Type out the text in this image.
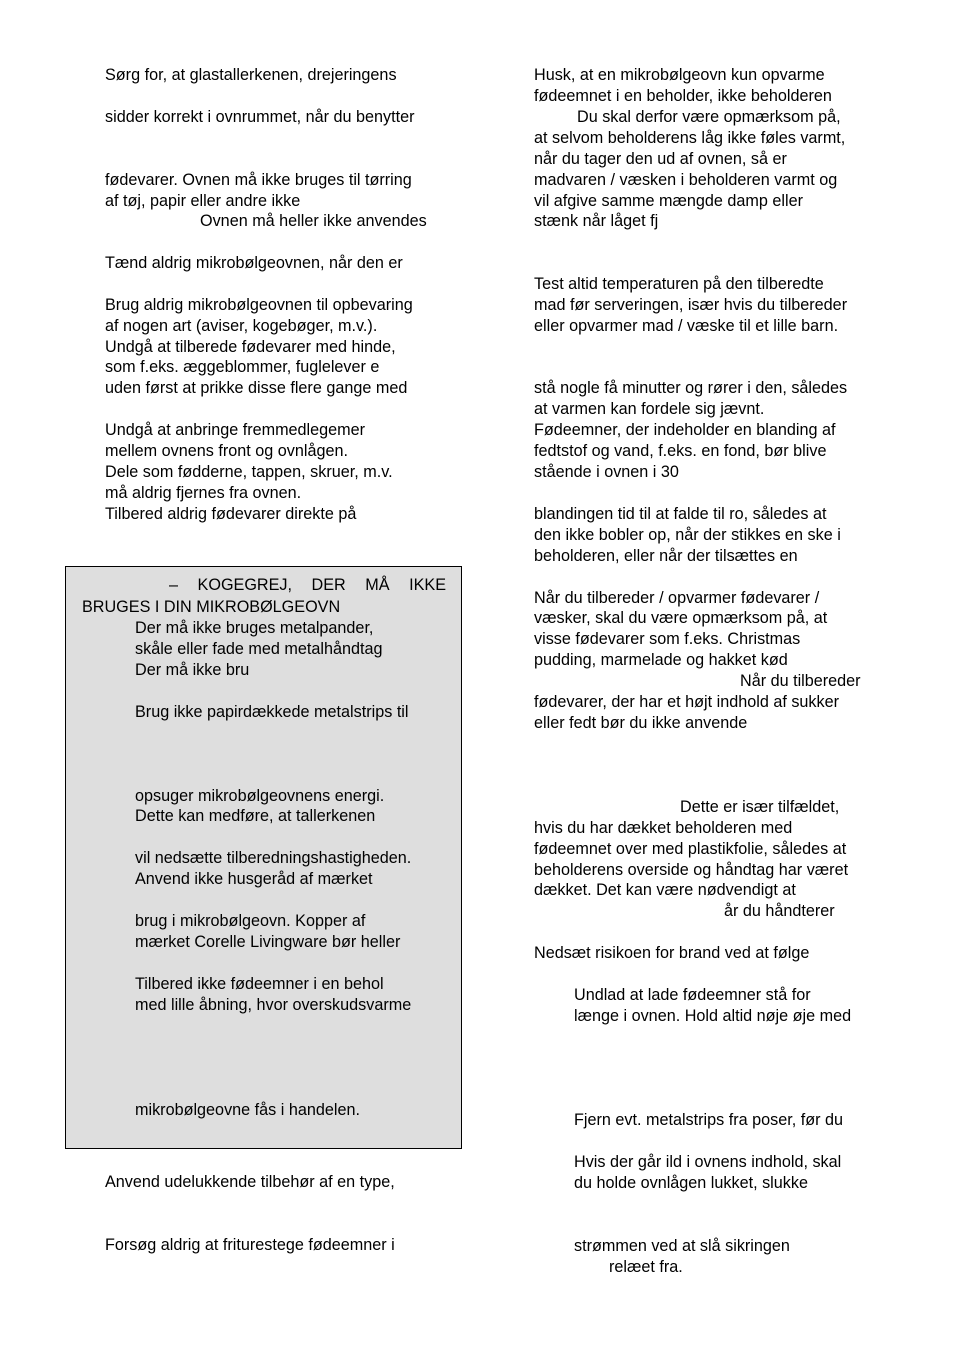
Sørg for, at glastallerkenen, drejeringens
sidder korrekt i ovnrummet, når du benytter
fødevarer. Ovnen må ikke bruges til tørring
af tøj, papir eller andre ikke
Ovnen må heller ikke anvendes
Tænd aldrig mikrobølgeovnen, når den er
Brug aldrig mikrobølgeovnen til opbevaring
af nogen art (aviser, kogebøger, m.v.).
Undgå at tilberede fødevarer med hinde,
som f.eks. æggeblommer, fuglelever e
uden først at prikke disse flere gange med
Undgå at anbringe fremmedlegemer
mellem ovnens front og ovnlågen.
Dele som fødderne, tappen, skruer, m.v.
må aldrig fjernes fra ovnen.
Tilbered aldrig fødevarer direkte på
Anvend udelukkende tilbehør af en type,
Forsøg aldrig at friturestege fødeemner i
– KOGEGREJ, DER MÅ IKKE
BRUGES I DIN MIKROBØLGEOVN
Der må ikke bruges metalpander,
skåle eller fade med metalhåndtag
Der må ikke bru
Brug ikke papirdækkede metalstrips til
opsuger mikrobølgeovnens energi.
Dette kan medføre, at tallerkenen
vil nedsætte tilberedningshastigheden.
Anvend ikke husgeråd af mærket
brug i mikrobølgeovn. Kopper af
mærket Corelle Livingware bør heller
Tilbered ikke fødeemner i en behol
med lille åbning, hvor overskudsvarme
mikrobølgeovne fås i handelen.
Husk, at en mikrobølgeovn kun opvarme
fødeemnet i en beholder, ikke beholderen
Du skal derfor være opmærksom på,
at selvom beholderens låg ikke føles varmt,
når du tager den ud af ovnen, så er
madvaren / væsken i beholderen varmt og
vil afgive samme mængde damp eller
stænk når låget fj
Test altid temperaturen på den tilberedte
mad før serveringen, især hvis du tilbereder
eller opvarmer mad / væske til et lille barn.
stå nogle få minutter og rører i den, således
at varmen kan fordele sig jævnt.
Fødeemner, der indeholder en blanding af
fedtstof og vand, f.eks. en fond, bør blive
stående i ovnen i 30
blandingen tid til at falde til ro, således at
den ikke bobler op, når der stikkes en ske i
beholderen, eller når der tilsættes en
Når du tilbereder / opvarmer fødevarer /
væsker, skal du være opmærksom på, at
visse fødevarer som f.eks. Christmas
pudding, marmelade og hakket kød
Når du tilbereder
fødevarer, der har et højt indhold af sukker
eller fedt bør du ikke anvende
Dette er især tilfældet,
hvis du har dækket beholderen med
fødeemnet over med plastikfolie, således at
beholderens overside og håndtag har været
dækket. Det kan være nødvendigt at
år du håndterer
Nedsæt risikoen for brand ved at følge
Undlad at lade fødeemner stå for
længe i ovnen. Hold altid nøje øje med
Fjern evt. metalstrips fra poser, før du
Hvis der går ild i ovnens indhold, skal
du holde ovnlågen lukket, slukke
strømmen ved at slå sikringen
relæet fra.
